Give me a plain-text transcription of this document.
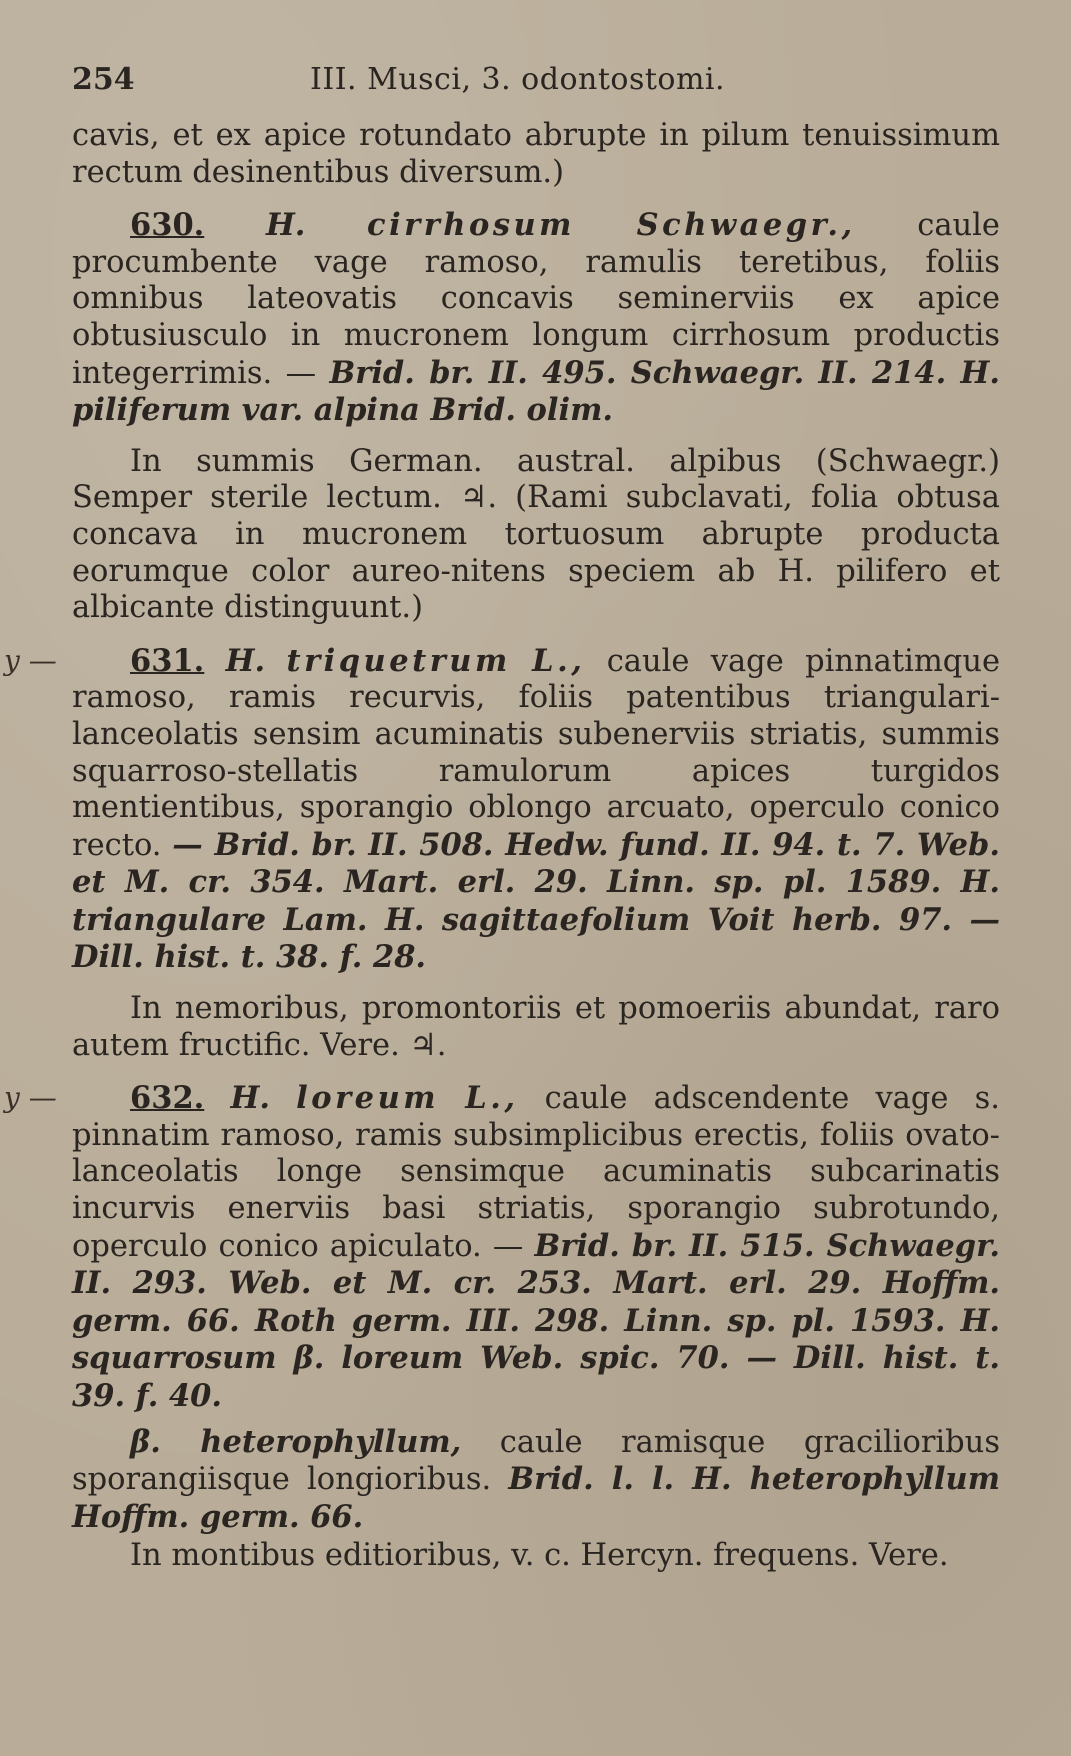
254	III. Musci, 3. odontostomi.

cavis, et ex apice rotundato abrupte in pilum tenuissimum rectum desinentibus diversum.)

630. H. cirrhosum Schwaegr., caule procumbente vage ramoso, ramulis teretibus, foliis omnibus lateovatis concavis seminerviis ex apice obtusiusculo in mucronem longum cirrhosum productis integerrimis. — Brid. br. II. 495. Schwaegr. II. 214. H. piliferum var. alpina Brid. olim.

In summis German. austral. alpibus (Schwaegr.) Semper sterile lectum. ♃. (Rami subclavati, folia obtusa concava in mucronem tortuosum abrupte producta eorumque color aureo-nitens speciem ab H. pilifero et albicante distinguunt.)

y —	631. H. triquetrum L., caule vage pinnatimque ramoso, ramis recurvis, foliis patentibus triangulari-lanceolatis sensim acuminatis subenerviis striatis, summis squarroso-stellatis ramulorum apices turgidos mentientibus, sporangio oblongo arcuato, operculo conico recto. — Brid. br. II. 508. Hedw. fund. II. 94. t. 7. Web. et M. cr. 354. Mart. erl. 29. Linn. sp. pl. 1589. H. triangulare Lam. H. sagittaefolium Voit herb. 97. — Dill. hist. t. 38. f. 28.

In nemoribus, promontoriis et pomoeriis abundat, raro autem fructific. Vere. ♃.

y —	632. H. loreum L., caule adscendente vage s. pinnatim ramoso, ramis subsimplicibus erectis, foliis ovato-lanceolatis longe sensimque acuminatis subcarinatis incurvis enerviis basi striatis, sporangio subrotundo, operculo conico apiculato. — Brid. br. II. 515. Schwaegr. II. 293. Web. et M. cr. 253. Mart. erl. 29. Hoffm. germ. 66. Roth germ. III. 298. Linn. sp. pl. 1593. H. squarrosum β. loreum Web. spic. 70. — Dill. hist. t. 39. f. 40.

β. heterophyllum, caule ramisque gracilioribus sporangiisque longioribus. Brid. l. l. H. heterophyllum Hoffm. germ. 66.

In montibus editioribus, v. c. Hercyn. frequens. Vere.
